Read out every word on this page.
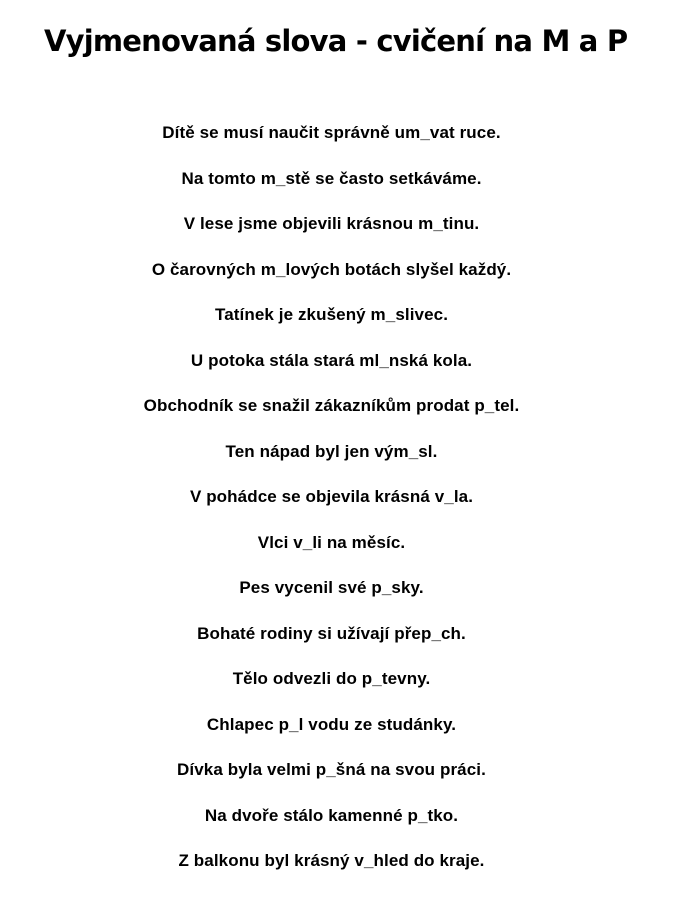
Vyjmenovaná slova - cvičení na M a P
Dítě se musí naučit správně um_vat ruce.
Na tomto m_stě se často setkáváme.
V lese jsme objevili krásnou m_tinu.
O čarovných m_lových botách slyšel každý.
Tatínek je zkušený m_slivec.
U potoka stála stará ml_nská kola.
Obchodník se snažil zákazníkům prodat p_tel.
Ten nápad byl jen vým_sl.
V pohádce se objevila krásná v_la.
Vlci v_li na měsíc.
Pes vycenil své p_sky.
Bohaté rodiny si užívají přep_ch.
Tělo odvezli do p_tevny.
Chlapec p_l vodu ze studánky.
Dívka byla velmi p_šná na svou práci.
Na dvoře stálo kamenné p_tko.
Z balkonu byl krásný v_hled do kraje.
